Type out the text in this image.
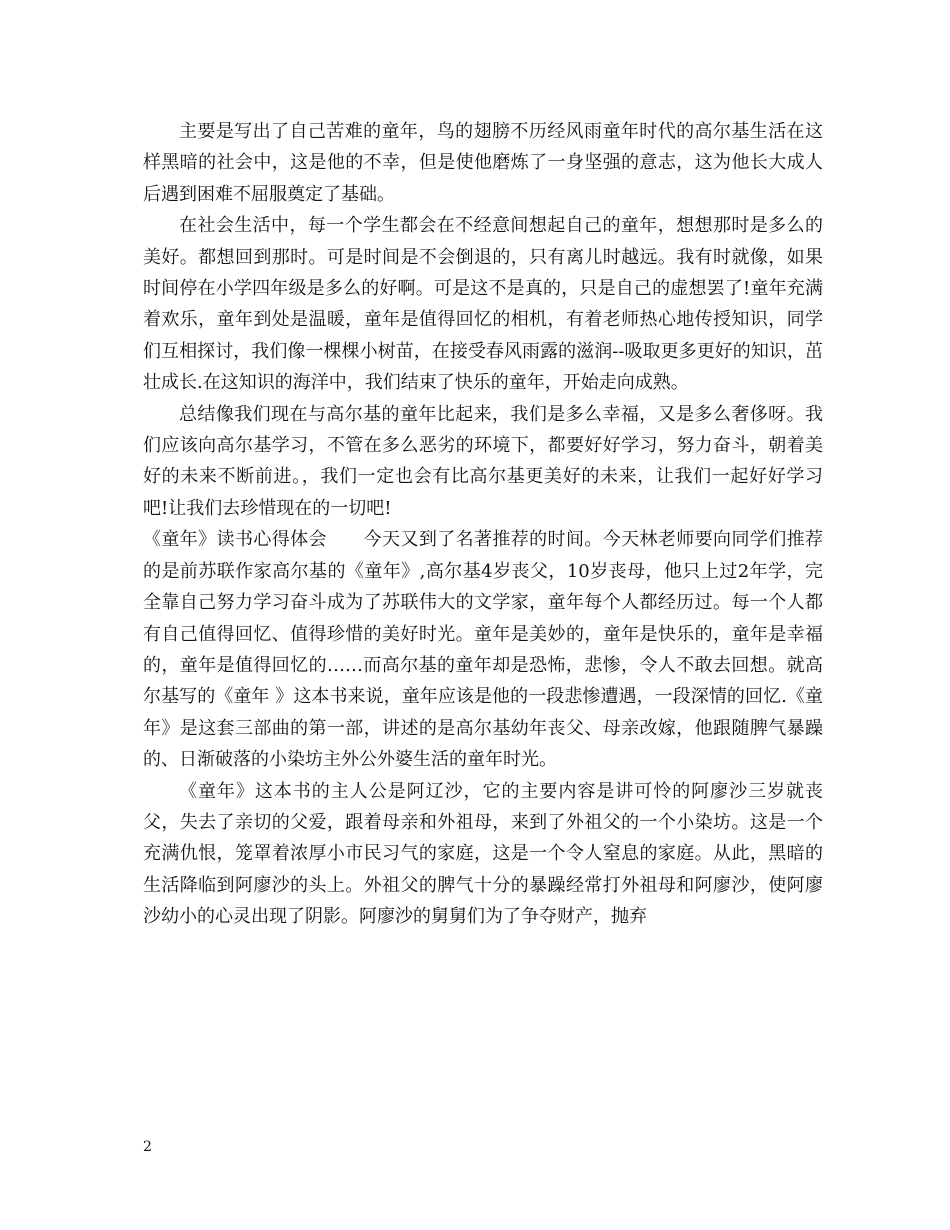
主要是写出了自己苦难的童年，鸟的翅膀不历经风雨童年时代的高尔基生活在这样黑暗的社会中，这是他的不幸，但是使他磨炼了一身坚强的意志，这为他长大成人后遇到困难不屈服奠定了基础。

在社会生活中，每一个学生都会在不经意间想起自己的童年，想想那时是多么的美好。都想回到那时。可是时间是不会倒退的，只有离儿时越远。我有时就像，如果时间停在小学四年级是多么的好啊。可是这不是真的，只是自己的虚想罢了!童年充满着欢乐，童年到处是温暖，童年是值得回忆的相机，有着老师热心地传授知识，同学们互相探讨，我们像一棵棵小树苗，在接受春风雨露的滋润--吸取更多更好的知识，茁壮成长.在这知识的海洋中，我们结束了快乐的童年，开始走向成熟。

总结像我们现在与高尔基的童年比起来，我们是多么幸福，又是多么奢侈呀。我们应该向高尔基学习，不管在多么恶劣的环境下，都要好好学习，努力奋斗，朝着美好的未来不断前进。，我们一定也会有比高尔基更美好的未来，让我们一起好好学习吧!让我们去珍惜现在的一切吧!

《童年》读书心得体会　　今天又到了名著推荐的时间。今天林老师要向同学们推荐的是前苏联作家高尔基的《童年》,高尔基4岁丧父，10岁丧母，他只上过2年学，完全靠自己努力学习奋斗成为了苏联伟大的文学家，童年每个人都经历过。每一个人都有自己值得回忆、值得珍惜的美好时光。童年是美妙的，童年是快乐的，童年是幸福的，童年是值得回忆的……而高尔基的童年却是恐怖，悲惨，令人不敢去回想。就高尔基写的《童年 》这本书来说，童年应该是他的一段悲惨遭遇，一段深情的回忆.《童年》是这套三部曲的第一部，讲述的是高尔基幼年丧父、母亲改嫁，他跟随脾气暴躁的、日渐破落的小染坊主外公外婆生活的童年时光。

《童年》这本书的主人公是阿辽沙，它的主要内容是讲可怜的阿廖沙三岁就丧父，失去了亲切的父爱，跟着母亲和外祖母，来到了外祖父的一个小染坊。这是一个充满仇恨，笼罩着浓厚小市民习气的家庭，这是一个令人窒息的家庭。从此，黑暗的生活降临到阿廖沙的头上。外祖父的脾气十分的暴躁经常打外祖母和阿廖沙，使阿廖沙幼小的心灵出现了阴影。阿廖沙的舅舅们为了争夺财产，抛弃

2
